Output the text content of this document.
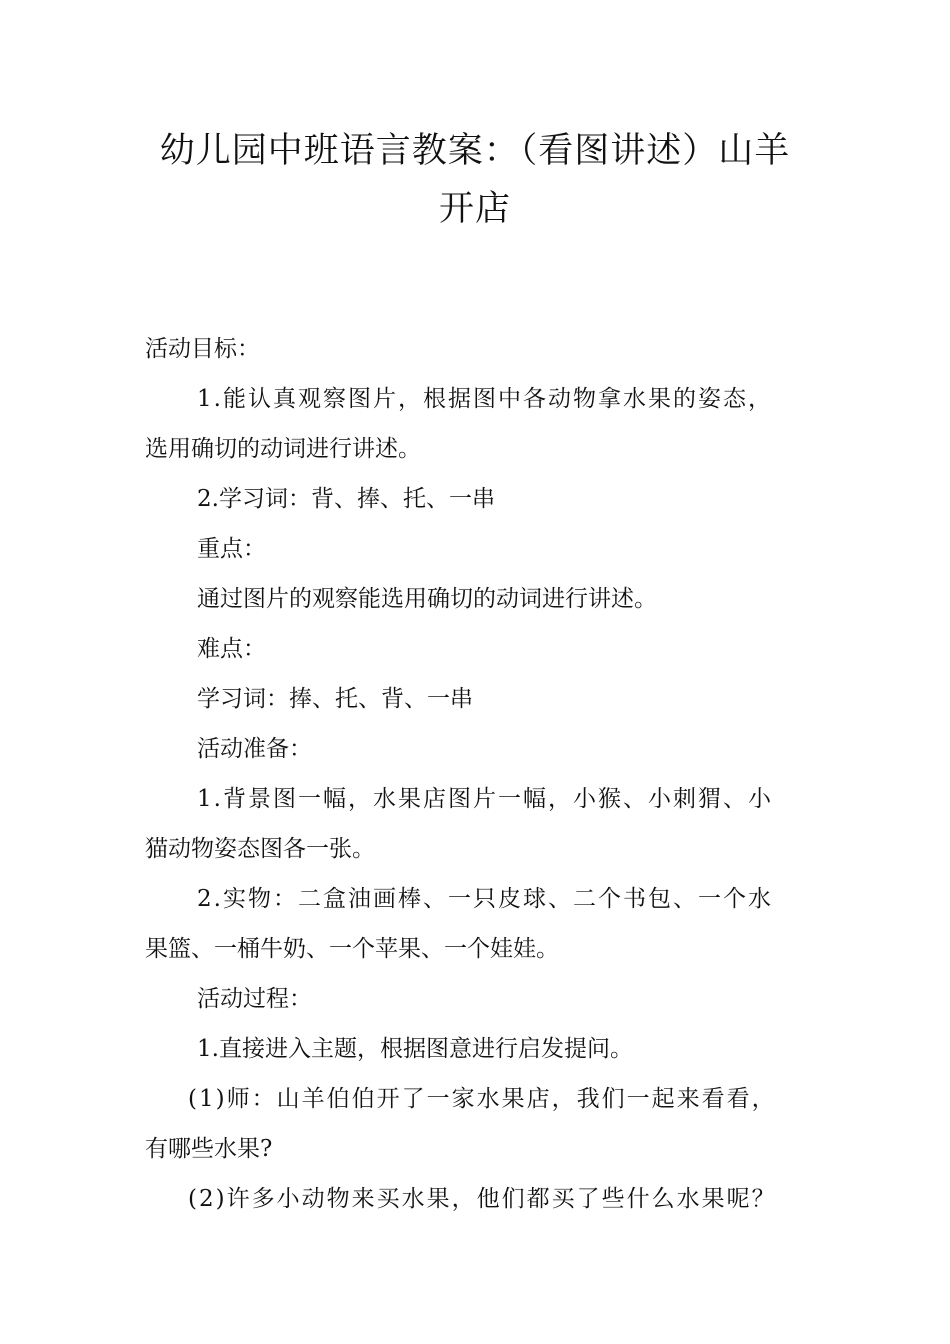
幼儿园中班语言教案：（看图讲述）山羊
开店

活动目标：

1.能认真观察图片，根据图中各动物拿水果的姿态，

选用确切的动词进行讲述。

2.学习词：背、捧、托、一串

重点：

通过图片的观察能选用确切的动词进行讲述。

难点：

学习词：捧、托、背、一串

活动准备：

1.背景图一幅，水果店图片一幅，小猴、小刺猬、小

猫动物姿态图各一张。

2.实物：二盒油画棒、一只皮球、二个书包、一个水

果篮、一桶牛奶、一个苹果、一个娃娃。

活动过程：

1.直接进入主题，根据图意进行启发提问。

(1)师：山羊伯伯开了一家水果店，我们一起来看看，

有哪些水果?

(2)许多小动物来买水果，他们都买了些什么水果呢？
